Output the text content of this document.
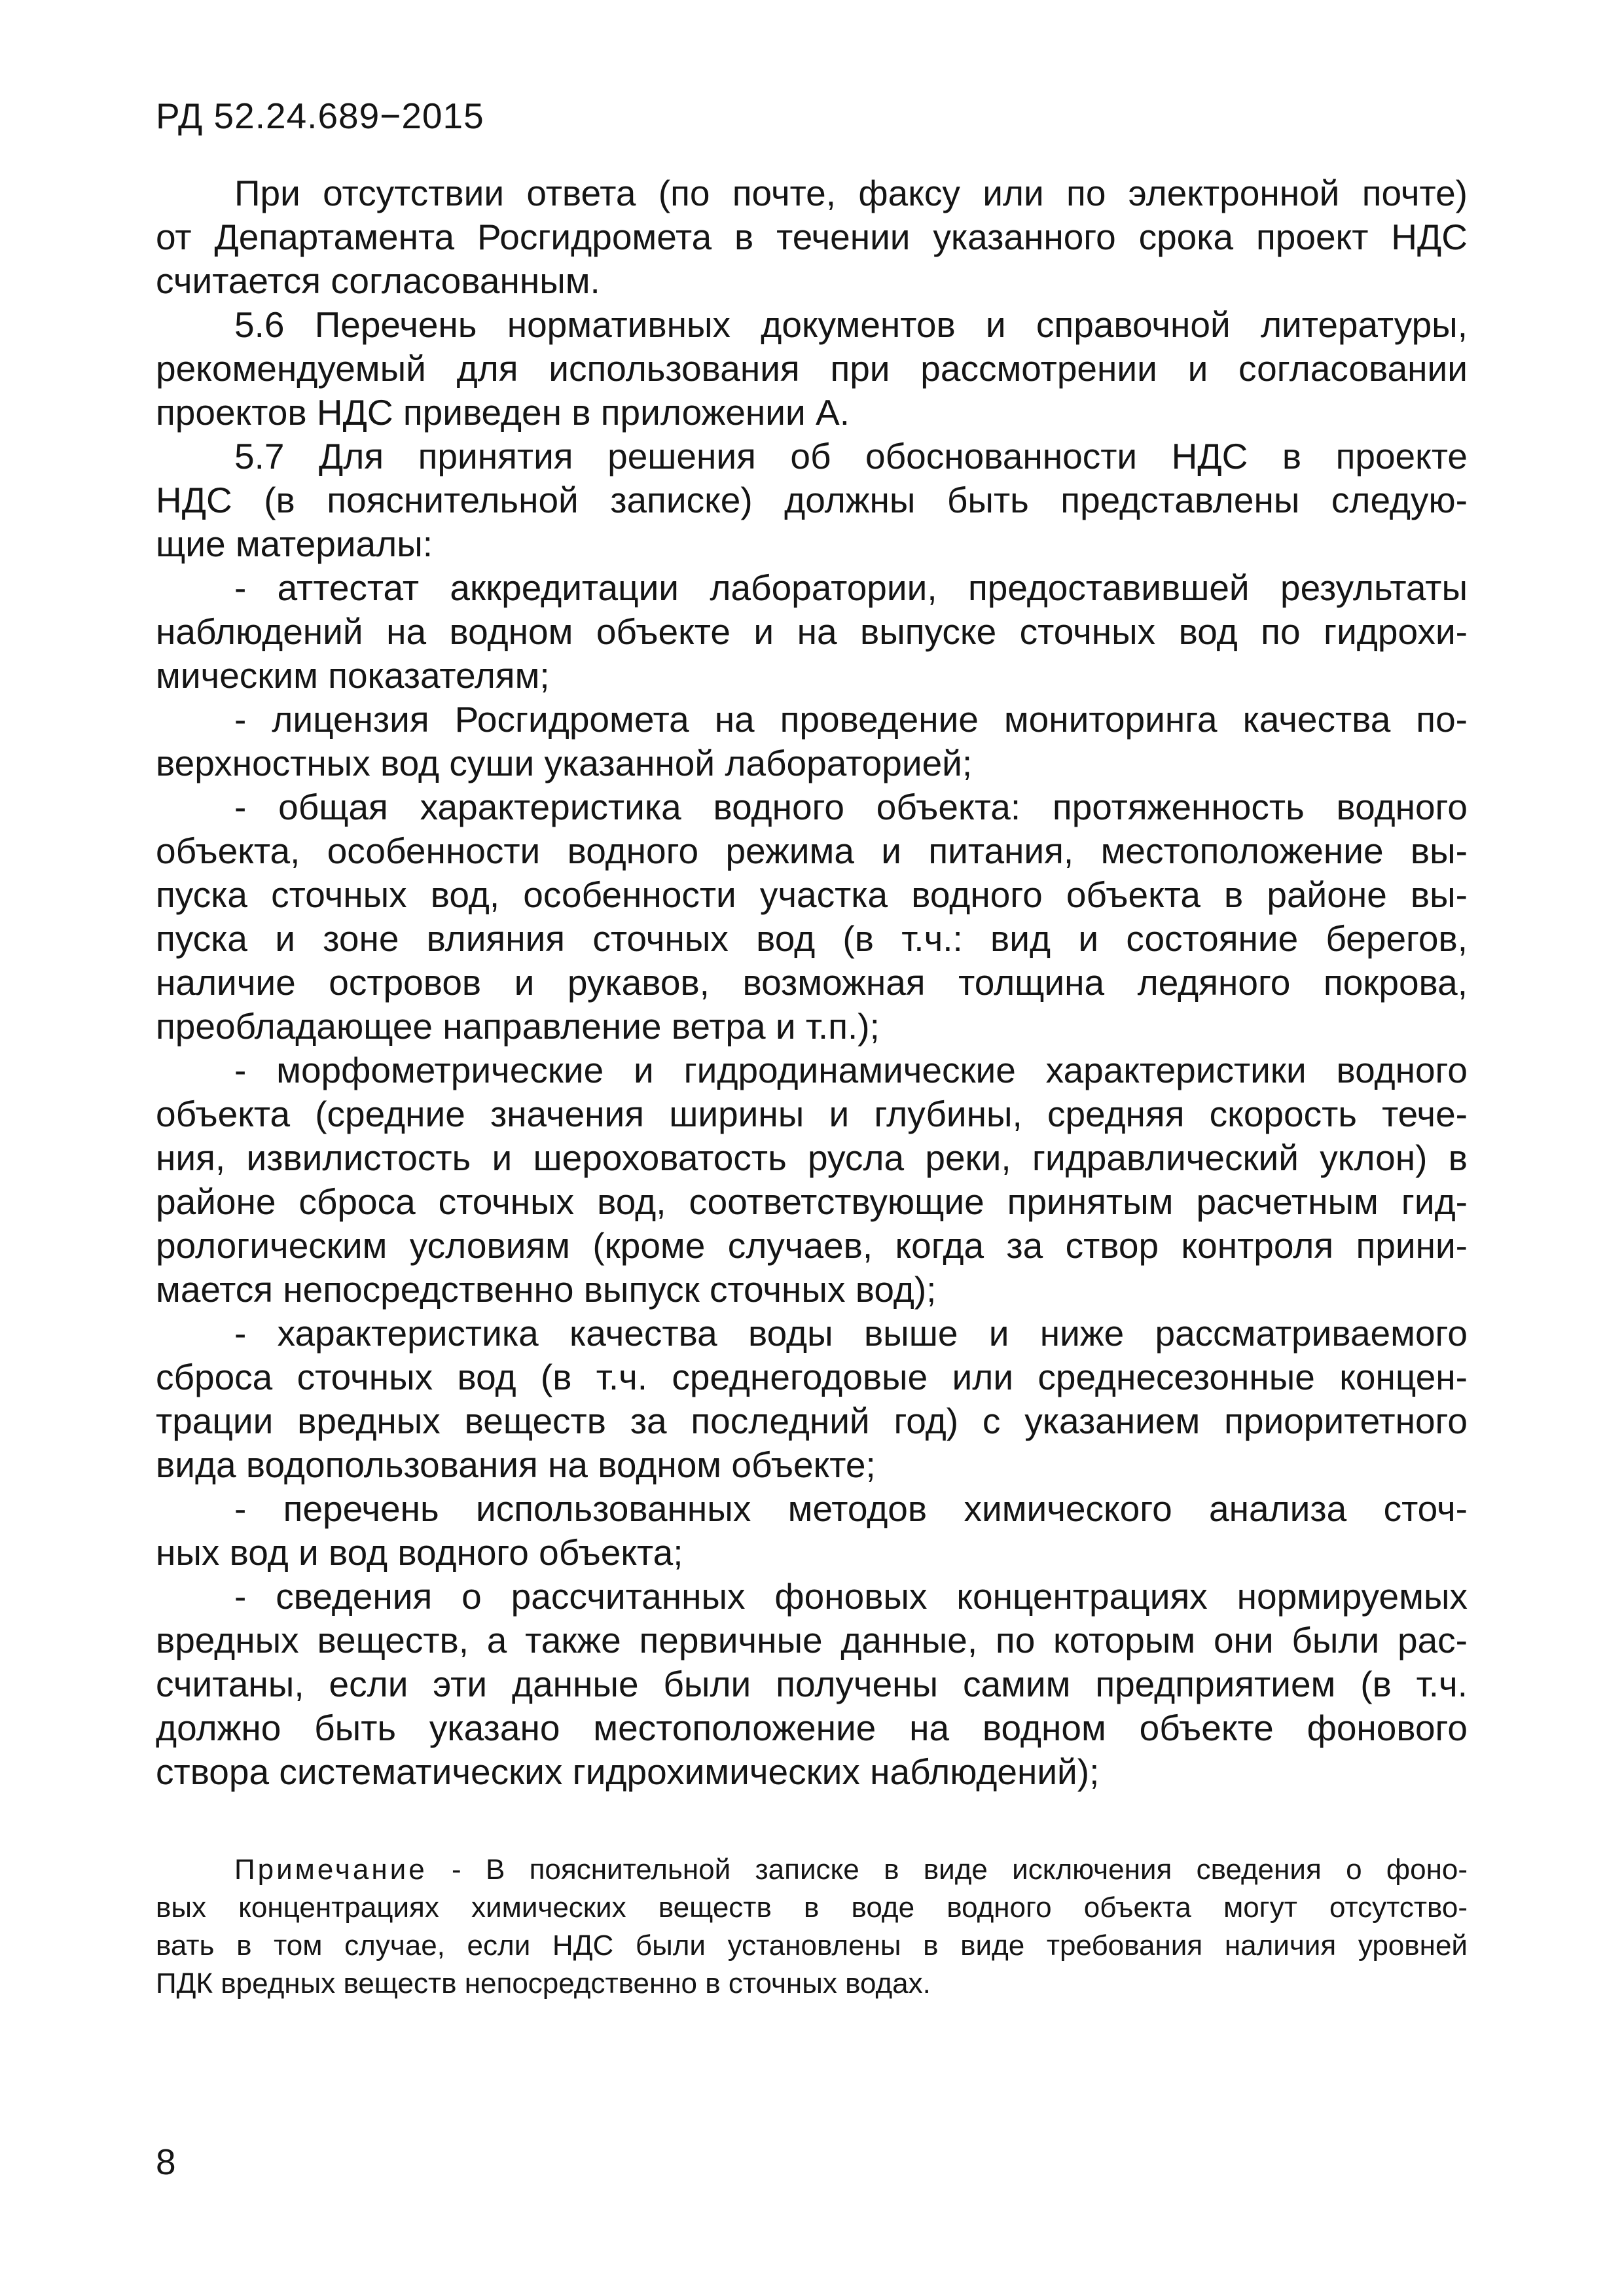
РД 52.24.689−2015

При отсутствии ответа (по почте, факсу или по электронной почте)
от Департамента Росгидромета в течении указанного срока проект НДС
считается согласованным.

5.6 Перечень нормативных документов и справочной литературы,
рекомендуемый для использования при рассмотрении и согласовании
проектов НДС приведен в приложении А.

5.7 Для принятия решения об обоснованности НДС в проекте
НДС (в пояснительной записке) должны быть представлены следую-
щие материалы:

- аттестат аккредитации лаборатории, предоставившей результаты
наблюдений на водном объекте и на выпуске сточных вод по гидрохи-
мическим показателям;

- лицензия Росгидромета на проведение мониторинга качества по-
верхностных вод суши указанной лабораторией;

- общая характеристика водного объекта: протяженность водного
объекта, особенности водного режима и питания, местоположение вы-
пуска сточных вод, особенности участка водного объекта в районе вы-
пуска и зоне влияния сточных вод (в т.ч.: вид и состояние берегов,
наличие островов и рукавов, возможная толщина ледяного покрова,
преобладающее направление ветра и т.п.);

- морфометрические и гидродинамические характеристики водного
объекта (средние значения ширины и глубины, средняя скорость тече-
ния, извилистость и шероховатость русла реки, гидравлический уклон) в
районе сброса сточных вод, соответствующие принятым расчетным гид-
рологическим условиям (кроме случаев, когда за створ контроля прини-
мается непосредственно выпуск сточных вод);

- характеристика качества воды выше и ниже рассматриваемого
сброса сточных вод (в т.ч. среднегодовые или среднесезонные концен-
трации вредных веществ за последний год) с указанием приоритетного
вида водопользования на водном объекте;

- перечень использованных методов химического анализа сточ-
ных вод и вод водного объекта;

- сведения о рассчитанных фоновых концентрациях нормируемых
вредных веществ, а также первичные данные, по которым они были рас-
считаны, если эти данные были получены самим предприятием (в т.ч.
должно быть указано местоположение на водном объекте фонового
створа систематических гидрохимических наблюдений);

Примечание - В пояснительной записке в виде исключения сведения о фоно-
вых концентрациях химических веществ в воде водного объекта могут отсутство-
вать в том случае, если НДС были установлены в виде требования наличия уровней
ПДК вредных веществ непосредственно в сточных водах.
8
